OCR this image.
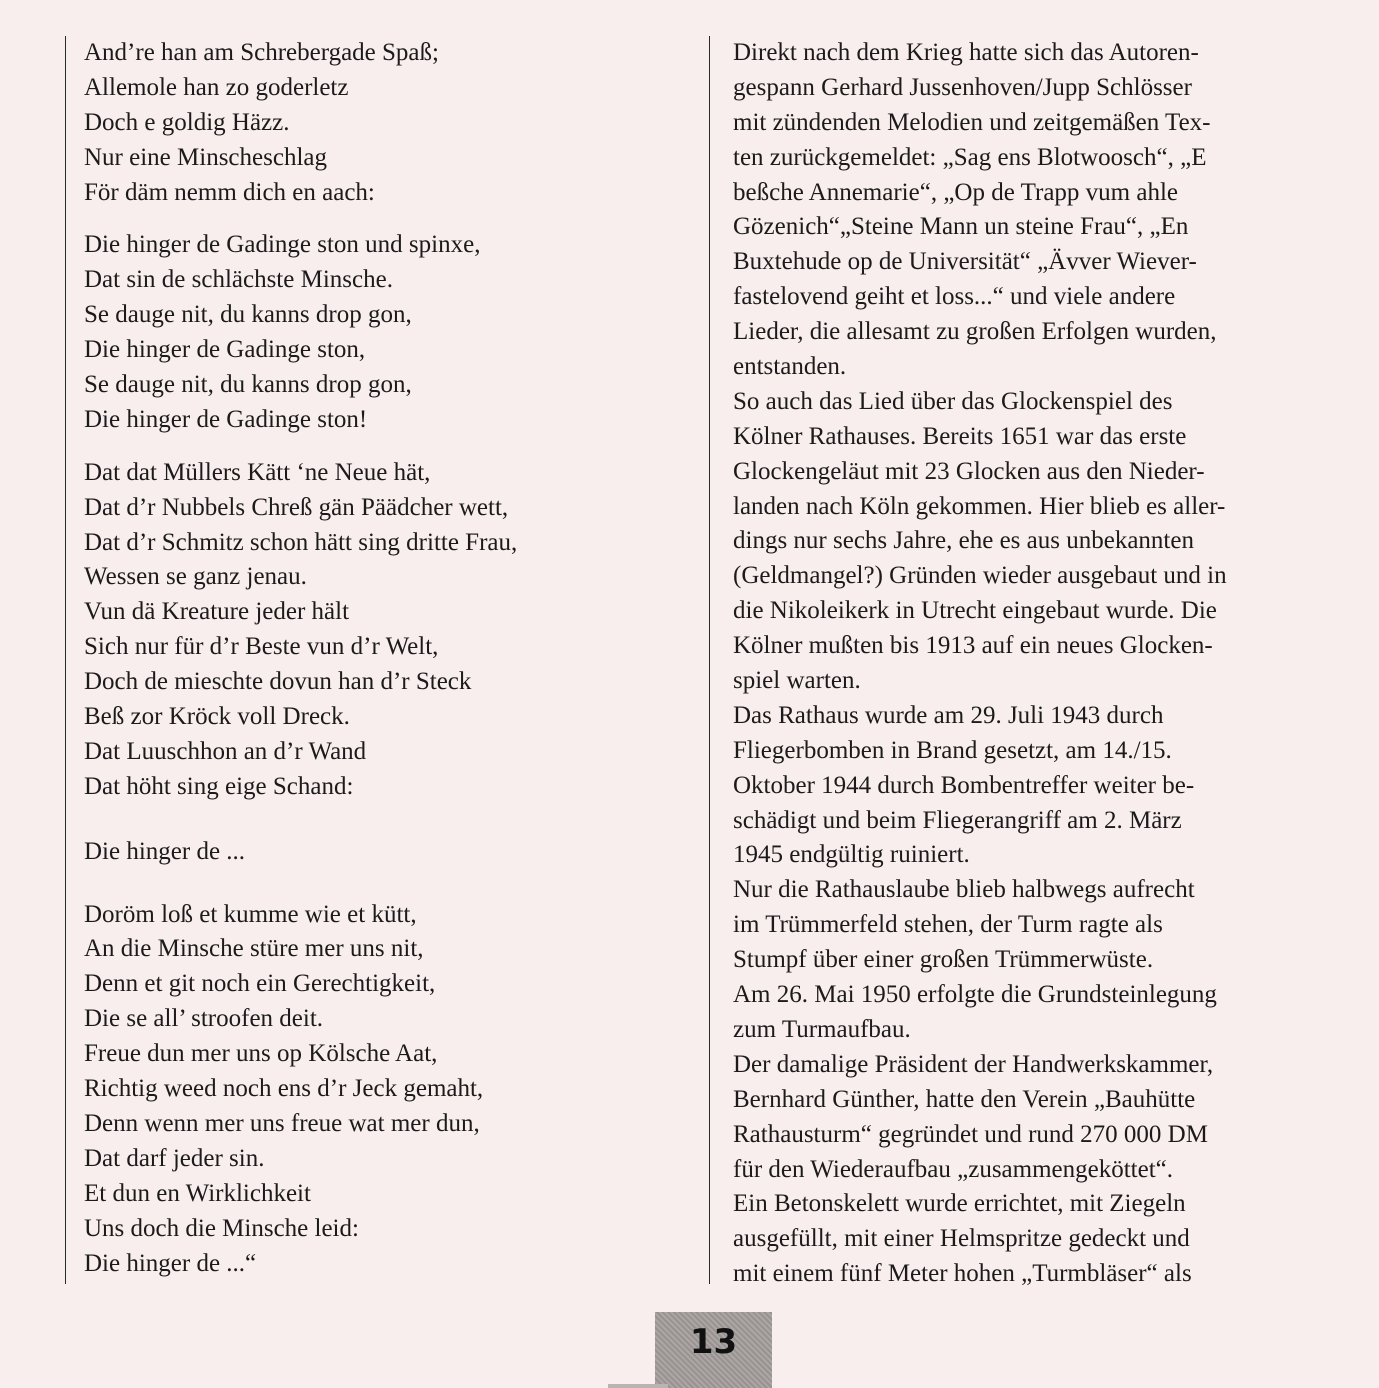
And’re han am Schrebergade Spaß;
Allemole han zo goderletz
Doch e goldig Häzz.
Nur eine Minscheschlag
För däm nemm dich en aach:
Die hinger de Gadinge ston und spinxe,
Dat sin de schlächste Minsche.
Se dauge nit, du kanns drop gon,
Die hinger de Gadinge ston,
Se dauge nit, du kanns drop gon,
Die hinger de Gadinge ston!
Dat dat Müllers Kätt ‘ne Neue hät,
Dat d’r Nubbels Chreß gän Päädcher wett,
Dat d’r Schmitz schon hätt sing dritte Frau,
Wessen se ganz jenau.
Vun dä Kreature jeder hält
Sich nur für d’r Beste vun d’r Welt,
Doch de mieschte dovun han d’r Steck
Beß zor Kröck voll Dreck.
Dat Luuschhon an d’r Wand
Dat höht sing eige Schand:
Die hinger de ...
Doröm loß et kumme wie et kütt,
An die Minsche stüre mer uns nit,
Denn et git noch ein Gerechtigkeit,
Die se all’ stroofen deit.
Freue dun mer uns op Kölsche Aat,
Richtig weed noch ens d’r Jeck gemaht,
Denn wenn mer uns freue wat mer dun,
Dat darf jeder sin.
Et dun en Wirklichkeit
Uns doch die Minsche leid:
Die hinger de ...“
Direkt nach dem Krieg hatte sich das Autoren-
gespann Gerhard Jussenhoven/Jupp Schlösser
mit zündenden Melodien und zeitgemäßen Tex-
ten zurückgemeldet: „Sag ens Blotwoosch“, „E
beßche Annemarie“, „Op de Trapp vum ahle
Gözenich“„Steine Mann un steine Frau“, „En
Buxtehude op de Universität“ „Ävver Wiever-
fastelovend geiht et loss...“ und viele andere
Lieder, die allesamt zu großen Erfolgen wurden,
entstanden.
So auch das Lied über das Glockenspiel des
Kölner Rathauses. Bereits 1651 war das erste
Glockengeläut mit 23 Glocken aus den Nieder-
landen nach Köln gekommen. Hier blieb es aller-
dings nur sechs Jahre, ehe es aus unbekannten
(Geldmangel?) Gründen wieder ausgebaut und in
die Nikoleikerk in Utrecht eingebaut wurde. Die
Kölner mußten bis 1913 auf ein neues Glocken-
spiel warten.
Das Rathaus wurde am 29. Juli 1943 durch
Fliegerbomben in Brand gesetzt, am 14./15.
Oktober 1944 durch Bombentreffer weiter be-
schädigt und beim Fliegerangriff am 2. März
1945 endgültig ruiniert.
Nur die Rathauslaube blieb halbwegs aufrecht
im Trümmerfeld stehen, der Turm ragte als
Stumpf über einer großen Trümmerwüste.
Am 26. Mai 1950 erfolgte die Grundsteinlegung
zum Turmaufbau.
Der damalige Präsident der Handwerkskammer,
Bernhard Günther, hatte den Verein „Bauhütte
Rathausturm“ gegründet und rund 270 000 DM
für den Wiederaufbau „zusammengeköttet“.
Ein Betonskelett wurde errichtet, mit Ziegeln
ausgefüllt, mit einer Helmspritze gedeckt und
mit einem fünf Meter hohen „Turmbläser“ als
13
